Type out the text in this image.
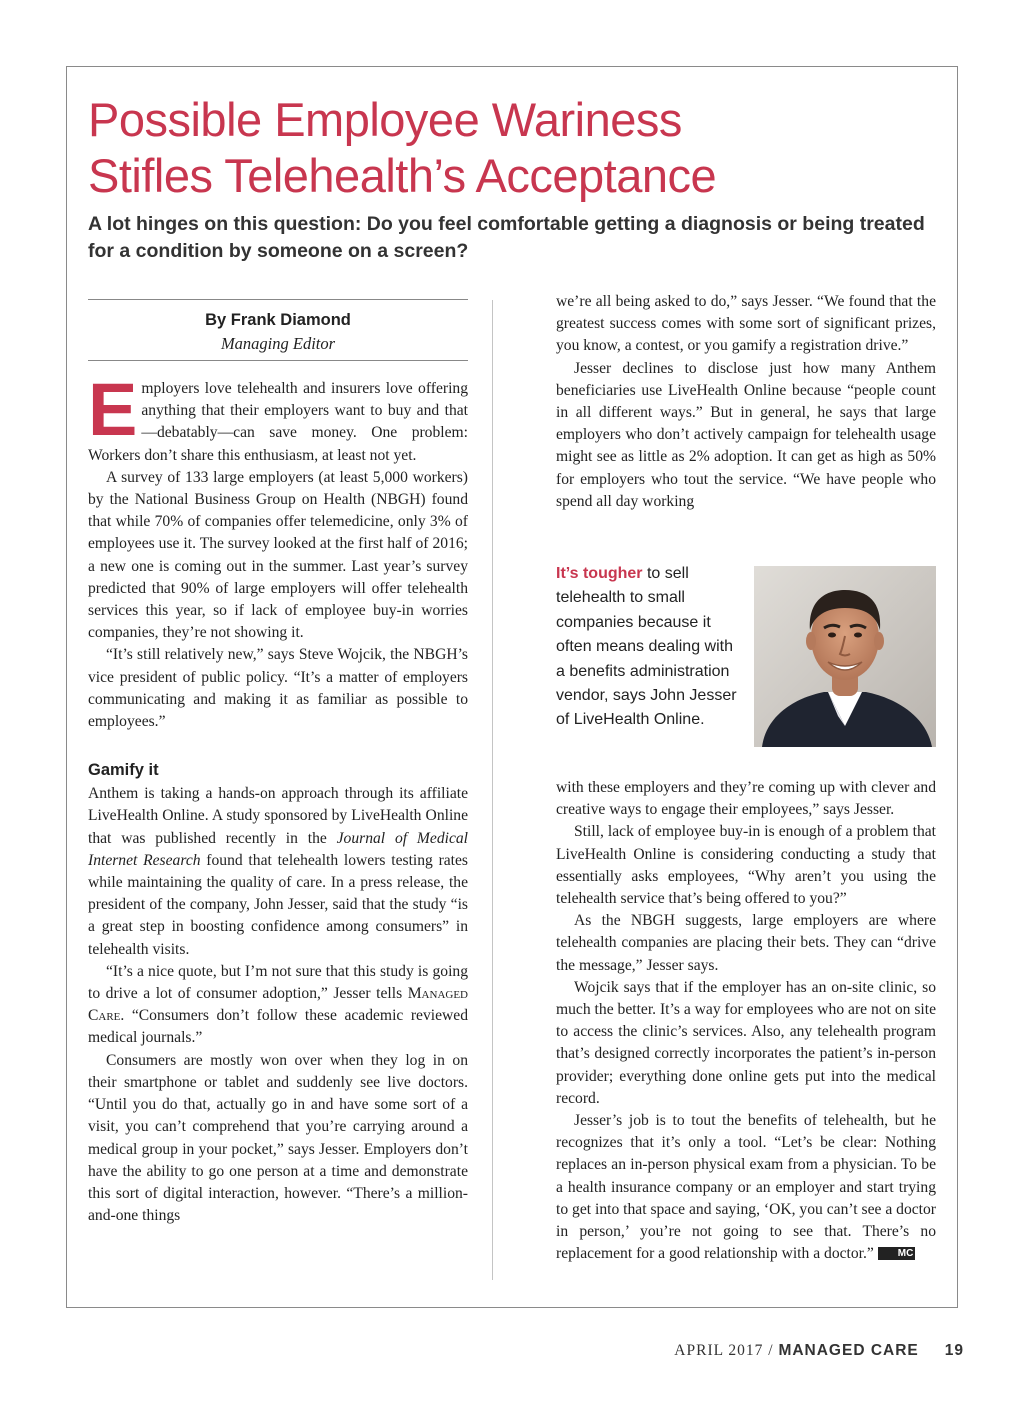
Possible Employee Wariness
Stifles Telehealth’s Acceptance

A lot hinges on this question: Do you feel comfortable getting a diagnosis or being treated for a condition by someone on a screen?

By Frank Diamond
Managing Editor

Employers love telehealth and insurers love offering anything that their employers want to buy and that—debatably—can save money. One problem: Workers don’t share this enthusiasm, at least not yet.

A survey of 133 large employers (at least 5,000 workers) by the National Business Group on Health (NBGH) found that while 70% of companies offer telemedicine, only 3% of employees use it. The survey looked at the first half of 2016; a new one is coming out in the summer. Last year’s survey predicted that 90% of large employers will offer telehealth services this year, so if lack of employee buy-in worries companies, they’re not showing it.

“It’s still relatively new,” says Steve Wojcik, the NBGH’s vice president of public policy. “It’s a matter of employers communicating and making it as familiar as possible to employees.”

Gamify it

Anthem is taking a hands-on approach through its affiliate LiveHealth Online. A study sponsored by LiveHealth Online that was published recently in the Journal of Medical Internet Research found that telehealth lowers testing rates while maintaining the quality of care. In a press release, the president of the company, John Jesser, said that the study “is a great step in boosting confidence among consumers” in telehealth visits.

“It’s a nice quote, but I’m not sure that this study is going to drive a lot of consumer adoption,” Jesser tells Managed Care. “Consumers don’t follow these academic reviewed medical journals.”

Consumers are mostly won over when they log in on their smartphone or tablet and suddenly see live doctors. “Until you do that, actually go in and have some sort of a visit, you can’t comprehend that you’re carrying around a medical group in your pocket,” says Jesser. Employers don’t have the ability to go one person at a time and demonstrate this sort of digital interaction, however. “There’s a million-and-one things

we’re all being asked to do,” says Jesser. “We found that the greatest success comes with some sort of significant prizes, you know, a contest, or you gamify a registration drive.”

Jesser declines to disclose just how many Anthem beneficiaries use LiveHealth Online because “people count in all different ways.” But in general, he says that large employers who don’t actively campaign for telehealth usage might see as little as 2% adoption. It can get as high as 50% for employers who tout the service. “We have people who spend all day working

It’s tougher to sell telehealth to small companies because it often means dealing with a benefits administration vendor, says John Jesser of LiveHealth Online.

with these employers and they’re coming up with clever and creative ways to engage their employees,” says Jesser.

Still, lack of employee buy-in is enough of a problem that LiveHealth Online is considering conducting a study that essentially asks employees, “Why aren’t you using the telehealth service that’s being offered to you?”

As the NBGH suggests, large employers are where telehealth companies are placing their bets. They can “drive the message,” Jesser says.

Wojcik says that if the employer has an on-site clinic, so much the better. It’s a way for employees who are not on site to access the clinic’s services. Also, any telehealth program that’s designed correctly incorporates the patient’s in-person provider; everything done online gets put into the medical record.

Jesser’s job is to tout the benefits of telehealth, but he recognizes that it’s only a tool. “Let’s be clear: Nothing replaces an in-person physical exam from a physician. To be a health insurance company or an employer and start trying to get into that space and saying, ‘OK, you can’t see a doctor in person,’ you’re not going to see that. There’s no replacement for a good relationship with a doctor.” MC

APRIL 2017 / MANAGED CARE 19
